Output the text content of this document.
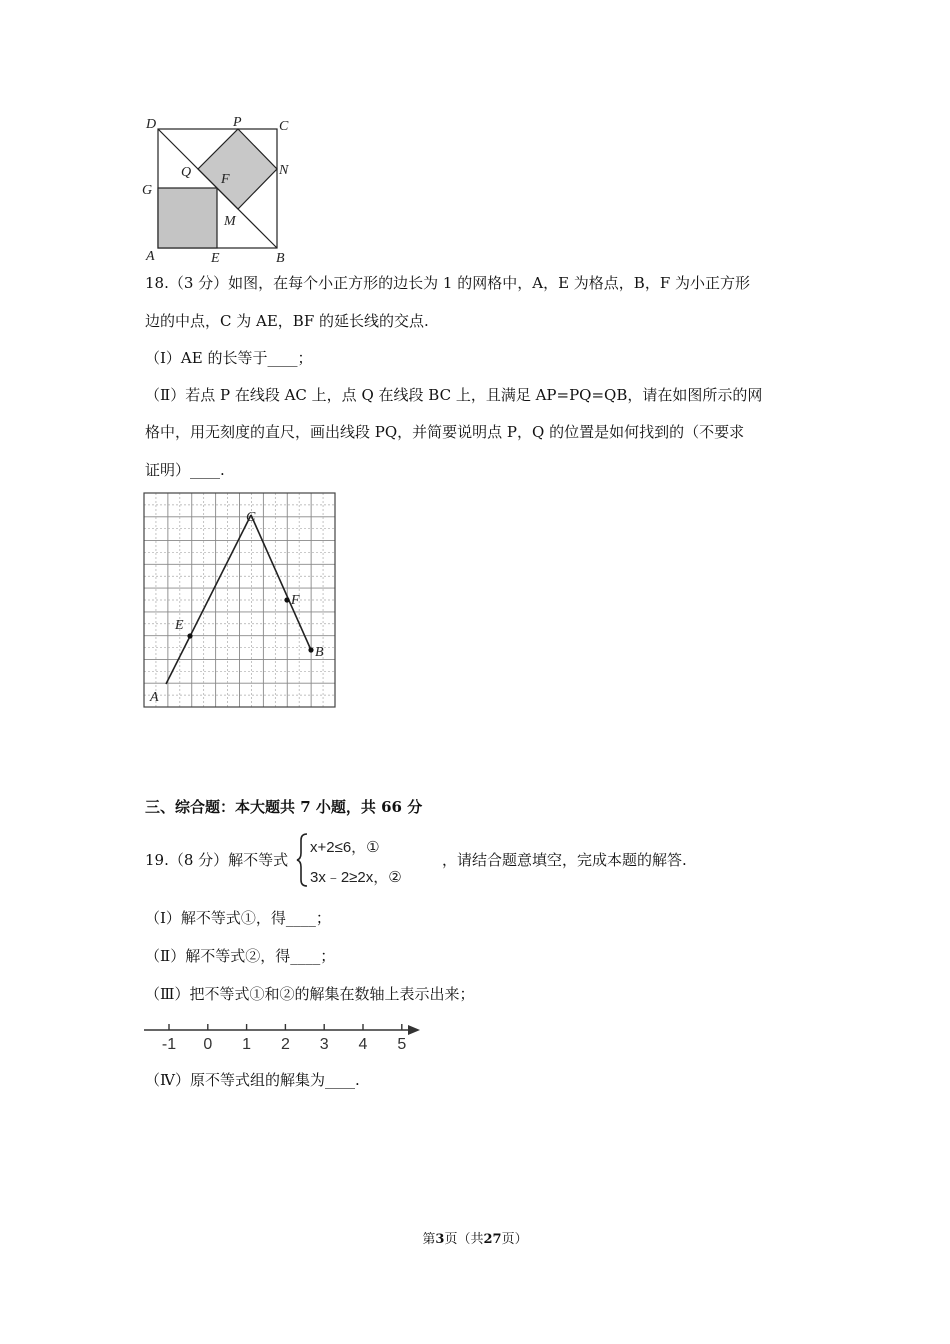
D	P	C
N
G
Q F
M
A	E	B
18.（3 分）如图，在每个小正方形的边长为 1 的网格中，A，E 为格点，B，F 为小正方形
边的中点，C 为 AE，BF 的延长线的交点.
（Ⅰ）AE 的长等于____；
（Ⅱ）若点 P 在线段 AC 上，点 Q 在线段 BC 上，且满足 AP=PQ=QB，请在如图所示的网
格中，用无刻度的直尺，画出线段 PQ，并简要说明点 P，Q 的位置是如何找到的（不要求
证明）____.
C
F
E
B
A
三、综合题：本大题共 7 小题，共 66 分
19.（8 分）解不等式
x+2≤6，①
3x﹣2≥2x，②
，请结合题意填空，完成本题的解答.
（Ⅰ）解不等式①，得____；
（Ⅱ）解不等式②，得____；
（Ⅲ）把不等式①和②的解集在数轴上表示出来；
-1 0 1 2 3 4 5
（Ⅳ）原不等式组的解集为____.
第3页（共27页）
